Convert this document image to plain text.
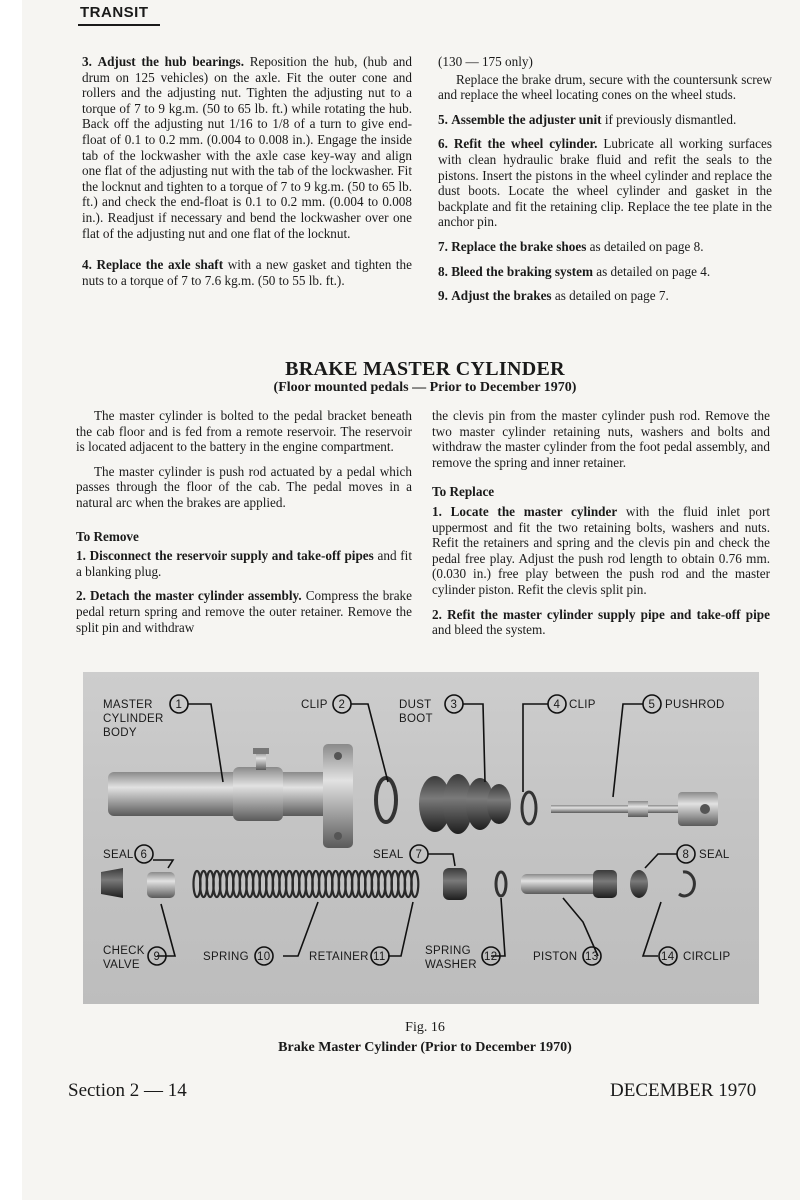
TRANSIT

3. Adjust the hub bearings. Reposition the hub, (hub and drum on 125 vehicles) on the axle. Fit the outer cone and rollers and the adjusting nut. Tighten the adjusting nut to a torque of 7 to 9 kg.m. (50 to 65 lb. ft.) while rotating the hub. Back off the adjusting nut 1/16 to 1/8 of a turn to give end-float of 0.1 to 0.2 mm. (0.004 to 0.008 in.). Engage the inside tab of the lockwasher with the axle case key-way and align one flat of the adjusting nut with the tab of the lockwasher. Fit the locknut and tighten to a torque of 7 to 9 kg.m. (50 to 65 lb. ft.) and check the end-float is 0.1 to 0.2 mm. (0.004 to 0.008 in.). Readjust if necessary and bend the lockwasher over one flat of the adjusting nut and one flat of the locknut.

4. Replace the axle shaft with a new gasket and tighten the nuts to a torque of 7 to 7.6 kg.m. (50 to 55 lb. ft.).

(130 — 175 only)

Replace the brake drum, secure with the countersunk screw and replace the wheel locating cones on the wheel studs.

5. Assemble the adjuster unit if previously dismantled.

6. Refit the wheel cylinder. Lubricate all working surfaces with clean hydraulic brake fluid and refit the seals to the pistons. Insert the pistons in the wheel cylinder and replace the dust boots. Locate the wheel cylinder and gasket in the backplate and fit the retaining clip. Replace the tee plate in the anchor pin.

7. Replace the brake shoes as detailed on page 8.

8. Bleed the braking system as detailed on page 4.

9. Adjust the brakes as detailed on page 7.

BRAKE MASTER CYLINDER
(Floor mounted pedals — Prior to December 1970)

The master cylinder is bolted to the pedal bracket beneath the cab floor and is fed from a remote reservoir. The reservoir is located adjacent to the battery in the engine compartment.

The master cylinder is push rod actuated by a pedal which passes through the floor of the cab. The pedal moves in a natural arc when the brakes are applied.

To Remove

1. Disconnect the reservoir supply and take-off pipes and fit a blanking plug.

2. Detach the master cylinder assembly. Compress the brake pedal return spring and remove the outer retainer. Remove the split pin and withdraw

the clevis pin from the master cylinder push rod. Remove the two master cylinder retaining nuts, washers and bolts and withdraw the master cylinder from the foot pedal assembly, and remove the spring and inner retainer.

To Replace

1. Locate the master cylinder with the fluid inlet port uppermost and fit the two retaining bolts, washers and nuts. Refit the retainers and spring and the clevis pin and check the pedal free play. Adjust the push rod length to obtain 0.76 mm. (0.030 in.) free play between the push rod and the master cylinder piston. Refit the clevis split pin.

2. Refit the master cylinder supply pipe and take-off pipe and bleed the system.

MASTER
CYLINDER
BODY
1	CLIP 2	DUST
BOOT
3	CLIP
4	PUSHROD
5
SEAL 6	SEAL 7	SEAL
8
CHECK
VALVE
9	SPRING 10	RETAINER 11	SPRING
WASHER
12	PISTON 13	CIRCLIP
14
Fig. 16
Brake Master Cylinder (Prior to December 1970)
Section 2 — 14	DECEMBER 1970
